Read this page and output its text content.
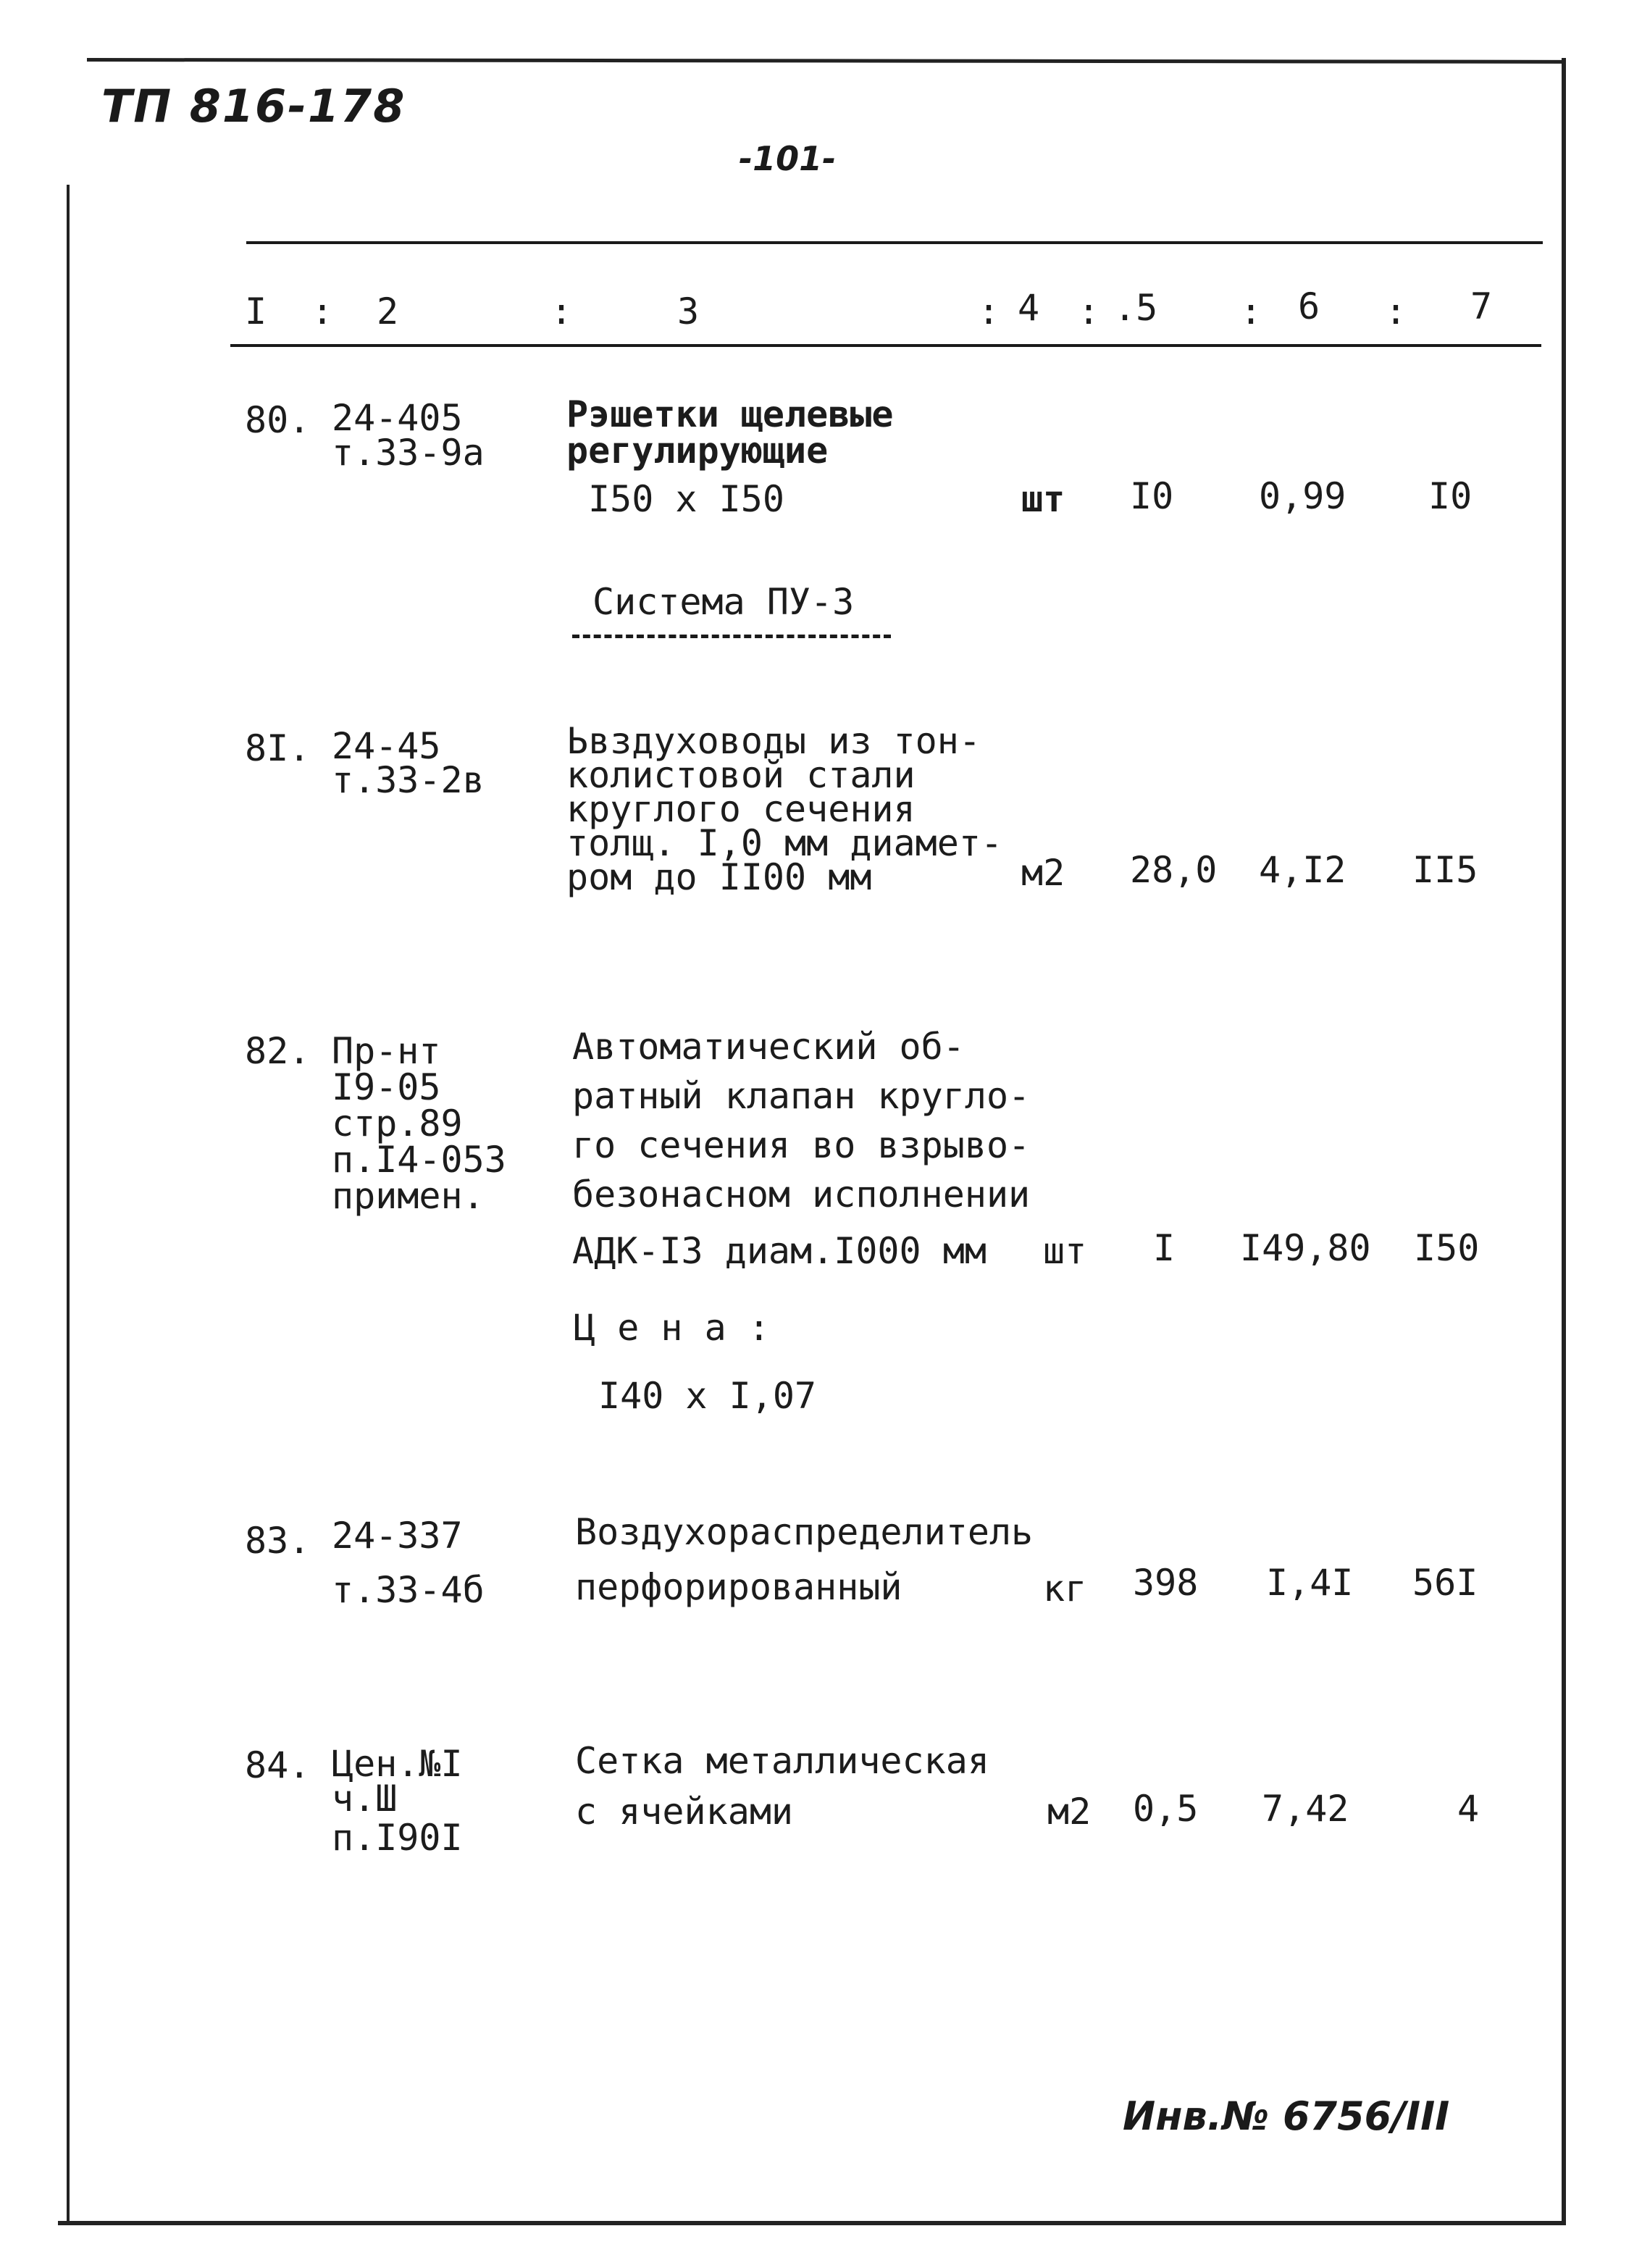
ТП 816-178
-101-
I : 2	:	3	: 4 : .5 : 6 : 7
80. 24-405
т.33-9а
Рэшетки щелевые
регулирующие
I50 x I50	шт I0 0,99 I0
Система ПУ-3
8I. 24-45
т.33-2в
Ьвздуховоды из тон-
колистовой стали
круглого сечения
толщ. I,0 мм диамет-
ром до II00 мм	м2 28,0 4,I2 II5
82. Пр-нт
I9-05
стр.89
п.I4-053
примен.
Автоматический об-
ратный клапан кругло-
го сечения во взрыво-
безонасном исполнении
АДК-I3 диам.I000 мм шт I I49,80 I50
Ц е н а :
I40 x I,07
83. 24-337
т.33-4б
Воздухораспределитель
перфорированный	кг 398 I,4I 56I
84. Цен.№I
ч.Ш
п.I90I
Сетка металлическая
с ячейками	м2 0,5 7,42	4
Инв.№ 6756/ІІІ
